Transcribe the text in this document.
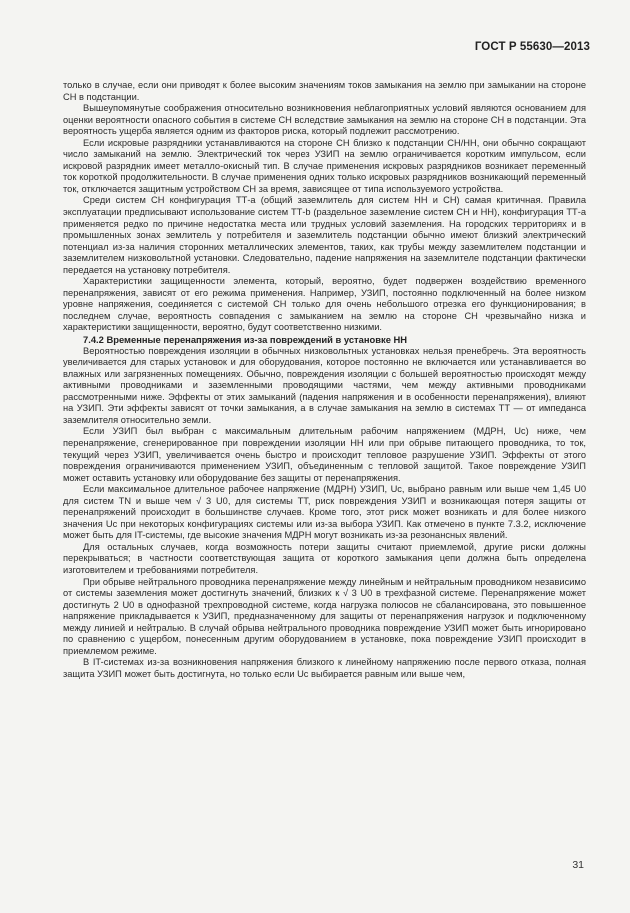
ГОСТ Р 55630—2013

только в случае, если они приводят к более высоким значениям токов замыкания на землю при замыкании на стороне СН в подстанции.

Вышеупомянутые соображения относительно возникновения неблагоприятных условий являются основанием для оценки вероятности опасного события в системе СН вследствие замыкания на землю на стороне СН в подстанции. Эта вероятность ущерба является одним из факторов риска, который подлежит рассмотрению.

Если искровые разрядники устанавливаются на стороне СН близко к подстанции СН/НН, они обычно сокращают число замыканий на землю. Электрический ток через УЗИП на землю ограничивается коротким импульсом, если искровой разрядник имеет металло-окисный тип. В случае применения искровых разрядников возникает переменный ток короткой продолжительности. В случае применения одних только искровых разрядников возникающий переменный ток, отключается защитным устройством СН за время, зависящее от типа используемого устройства.

Среди систем СН конфигурация ТТ-а (общий заземлитель для систем НН и СН) самая критичная. Правила эксплуатации предписывают использование систем ТТ-b (раздельное заземление систем СН и НН), конфигурация ТТ-а применяется редко по причине недостатка места или трудных условий заземления. На городских территориях и в промышленных зонах землитель у потребителя и заземлитель подстанции обычно имеют близкий электрический потенциал из-за наличия сторонних металлических элементов, таких, как трубы между заземлителем подстанции и заземлителем низковольтной установки. Следовательно, падение напряжения на заземлителе подстанции фактически передается на установку потребителя.

Характеристики защищенности элемента, который, вероятно, будет подвержен воздействию временного перенапряжения, зависят от его режима применения. Например, УЗИП, постоянно подключенный на более низком уровне напряжения, соединяется с системой СН только для очень небольшого отрезка его функционирования; в последнем случае, вероятность совпадения с замыканием на землю на стороне СН чрезвычайно низка и характеристики защищенности, вероятно, будут соответственно низкими.

7.4.2 Временные перенапряжения из-за повреждений в установке НН

Вероятностью повреждения изоляции в обычных низковольтных установках нельзя пренебречь. Эта вероятность увеличивается для старых установок и для оборудования, которое постоянно не включается или устанавливается во влажных или загрязненных помещениях. Обычно, повреждения изоляции с большей вероятностью происходят между активными проводниками и заземленными проводящими частями, чем между активными проводниками рассмотренными ниже. Эффекты от этих замыканий (падения напряжения и в особенности перенапряжения), влияют на УЗИП. Эти эффекты зависят от точки замыкания, а в случае замыкания на землю в системах ТТ — от импеданса заземлителя относительно земли.

Если УЗИП был выбран с максимальным длительным рабочим напряжением (МДРН, Uc) ниже, чем перенапряжение, сгенерированное при повреждении изоляции НН или при обрыве питающего проводника, то ток, текущий через УЗИП, увеличивается очень быстро и происходит тепловое разрушение УЗИП. Эффекты от этого повреждения ограничиваются применением УЗИП, объединенным с тепловой защитой. Такое повреждение УЗИП может оставить установку или оборудование без защиты от перенапряжения.

Если максимальное длительное рабочее напряжение (МДРН) УЗИП, Uc, выбрано равным или выше чем 1,45 U0 для систем TN и выше чем √ 3 U0, для системы ТТ, риск повреждения УЗИП и возникающая потеря защиты от перенапряжений происходит в большинстве случаев. Кроме того, этот риск может возникать и для более низкого значения Uc при некоторых конфигурациях системы или из-за выбора УЗИП. Как отмечено в пункте 7.3.2, исключение может быть для IT-системы, где высокие значения МДРН могут возникать из-за резонансных явлений.

Для остальных случаев, когда возможность потери защиты считают приемлемой, другие риски должны перекрываться; в частности соответствующая защита от короткого замыкания цепи должна быть определена изготовителем и требованиями потребителя.

При обрыве нейтрального проводника перенапряжение между линейным и нейтральным проводником независимо от системы заземления может достигнуть значений, близких к √ 3 U0 в трехфазной системе. Перенапряжение может достигнуть 2 U0 в однофазной трехпроводной системе, когда нагрузка полюсов не сбалансирована, это повышенное напряжение прикладывается к УЗИП, предназначенному для защиты от перенапряжения нагрузок и подключенному между линией и нейтралью. В случай обрыва нейтрального проводника повреждение УЗИП может быть игнорировано по сравнению с ущербом, понесенным другим оборудованием в установке, пока повреждение УЗИП происходит в приемлемом режиме.

В IT-системах из-за возникновения напряжения близкого к линейному напряжению после первого отказа, полная защита УЗИП может быть достигнута, но только если Uc выбирается равным или выше чем,

31
